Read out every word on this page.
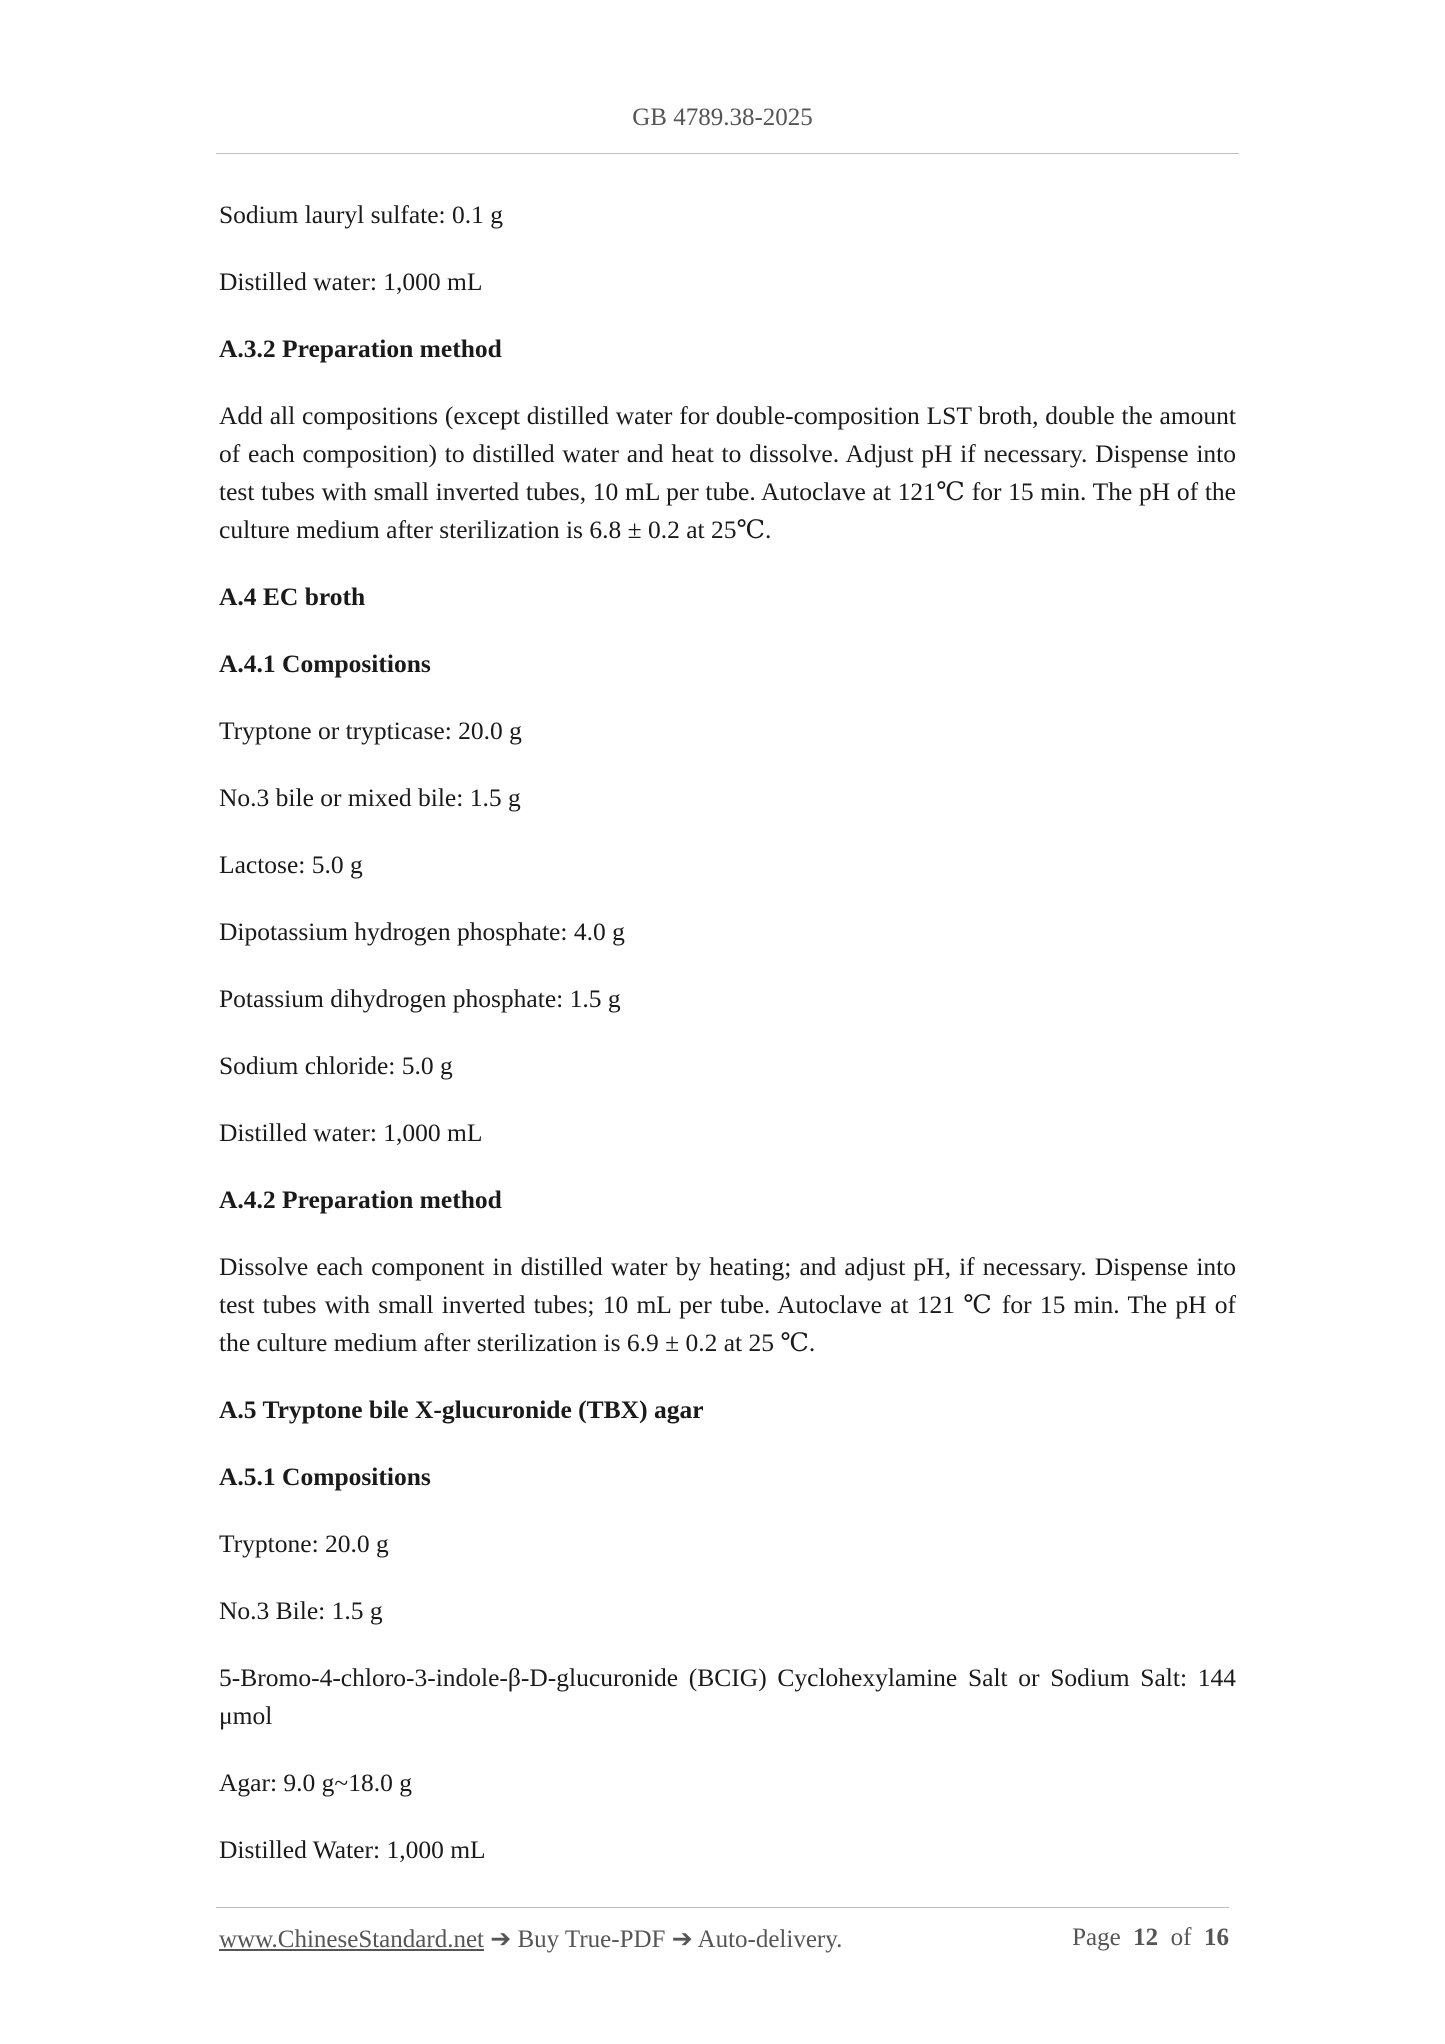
GB 4789.38-2025

Sodium lauryl sulfate: 0.1 g

Distilled water: 1,000 mL

A.3.2 Preparation method

Add all compositions (except distilled water for double-composition LST broth, double the amount of each composition) to distilled water and heat to dissolve. Adjust pH if necessary. Dispense into test tubes with small inverted tubes, 10 mL per tube. Autoclave at 121℃ for 15 min. The pH of the culture medium after sterilization is 6.8 ± 0.2 at 25℃.

A.4 EC broth

A.4.1 Compositions

Tryptone or trypticase: 20.0 g

No.3 bile or mixed bile: 1.5 g

Lactose: 5.0 g

Dipotassium hydrogen phosphate: 4.0 g

Potassium dihydrogen phosphate: 1.5 g

Sodium chloride: 5.0 g

Distilled water: 1,000 mL

A.4.2 Preparation method

Dissolve each component in distilled water by heating; and adjust pH, if necessary. Dispense into test tubes with small inverted tubes; 10 mL per tube. Autoclave at 121 ℃ for 15 min. The pH of the culture medium after sterilization is 6.9 ± 0.2 at 25 ℃.

A.5 Tryptone bile X-glucuronide (TBX) agar

A.5.1 Compositions

Tryptone: 20.0 g

No.3 Bile: 1.5 g

5-Bromo-4-chloro-3-indole-β-D-glucuronide (BCIG) Cyclohexylamine Salt or Sodium Salt: 144 μmol

Agar: 9.0 g~18.0 g

Distilled Water: 1,000 mL

www.ChineseStandard.net ➔ Buy True-PDF ➔ Auto-delivery.	Page 12 of 16
